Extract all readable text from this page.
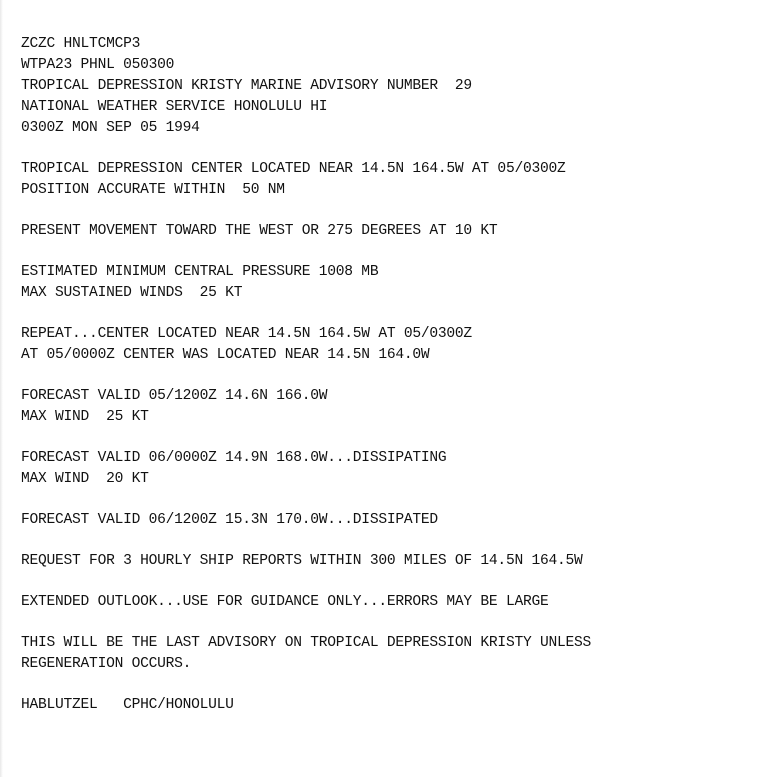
ZCZC HNLTCMCP3
WTPA23 PHNL 050300
TROPICAL DEPRESSION KRISTY MARINE ADVISORY NUMBER  29
NATIONAL WEATHER SERVICE HONOLULU HI
0300Z MON SEP 05 1994
TROPICAL DEPRESSION CENTER LOCATED NEAR 14.5N 164.5W AT 05/0300Z
POSITION ACCURATE WITHIN  50 NM
PRESENT MOVEMENT TOWARD THE WEST OR 275 DEGREES AT 10 KT
ESTIMATED MINIMUM CENTRAL PRESSURE 1008 MB
MAX SUSTAINED WINDS  25 KT
REPEAT...CENTER LOCATED NEAR 14.5N 164.5W AT 05/0300Z
AT 05/0000Z CENTER WAS LOCATED NEAR 14.5N 164.0W
FORECAST VALID 05/1200Z 14.6N 166.0W
MAX WIND  25 KT
FORECAST VALID 06/0000Z 14.9N 168.0W...DISSIPATING
MAX WIND  20 KT
FORECAST VALID 06/1200Z 15.3N 170.0W...DISSIPATED
REQUEST FOR 3 HOURLY SHIP REPORTS WITHIN 300 MILES OF 14.5N 164.5W
EXTENDED OUTLOOK...USE FOR GUIDANCE ONLY...ERRORS MAY BE LARGE
THIS WILL BE THE LAST ADVISORY ON TROPICAL DEPRESSION KRISTY UNLESS
REGENERATION OCCURS.
HABLUTZEL   CPHC/HONOLULU
